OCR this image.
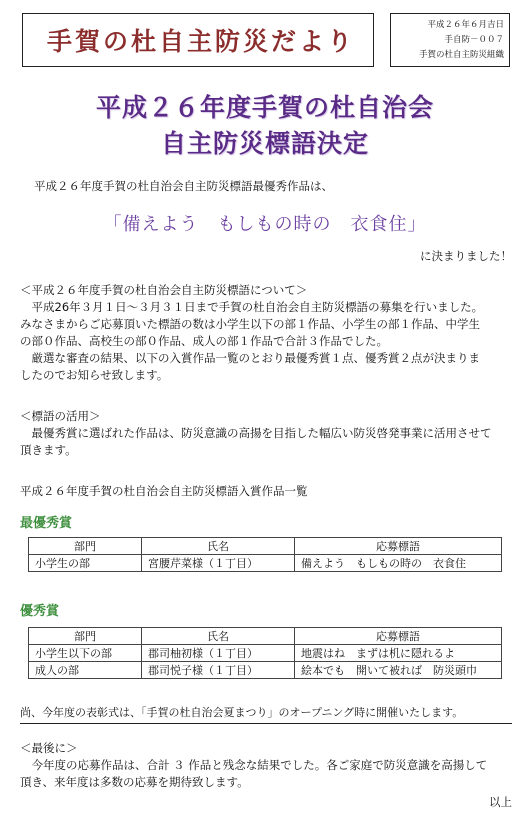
手賀の杜自主防災だより
平成２６年６月吉日
手自防－００７
手賀の杜自主防災組織
平成２６年度手賀の杜自治会
自主防災標語決定
平成２６年度手賀の杜自治会自主防災標語最優秀作品は、
「備えよう　もしもの時の　衣食住」
に決まりました！
＜平成２６年度手賀の杜自治会自主防災標語について＞
平成26年３月１日～３月３１日まで手賀の杜自治会自主防災標語の募集を行いました。
みなさまからご応募頂いた標語の数は小学生以下の部１作品、小学生の部１作品、中学生
の部０作品、高校生の部０作品、成人の部１作品で合計３作品でした。
厳選な審査の結果、以下の入賞作品一覧のとおり最優秀賞１点、優秀賞２点が決まりま
したのでお知らせ致します。
＜標語の活用＞
最優秀賞に選ばれた作品は、防災意識の高揚を目指した幅広い防災啓発事業に活用させて
頂きます。
平成２６年度手賀の杜自治会自主防災標語入賞作品一覧
最優秀賞
部門	氏名	応募標語
小学生の部	宮腰芹菜様（１丁目）	備えよう　もしもの時の　衣食住
優秀賞
部門	氏名	応募標語
小学生以下の部	郡司柚初様（１丁目）	地震はね　まずは机に隠れるよ
成人の部	郡司悦子様（１丁目）	絵本でも　開いて被れば　防災頭巾
尚、今年度の表彰式は、「手賀の杜自治会夏まつり」のオープニング時に開催いたします。
＜最後に＞
今年度の応募作品は、合計 ３ 作品と残念な結果でした。各ご家庭で防災意識を高揚して
頂き、来年度は多数の応募を期待致します。
以上
